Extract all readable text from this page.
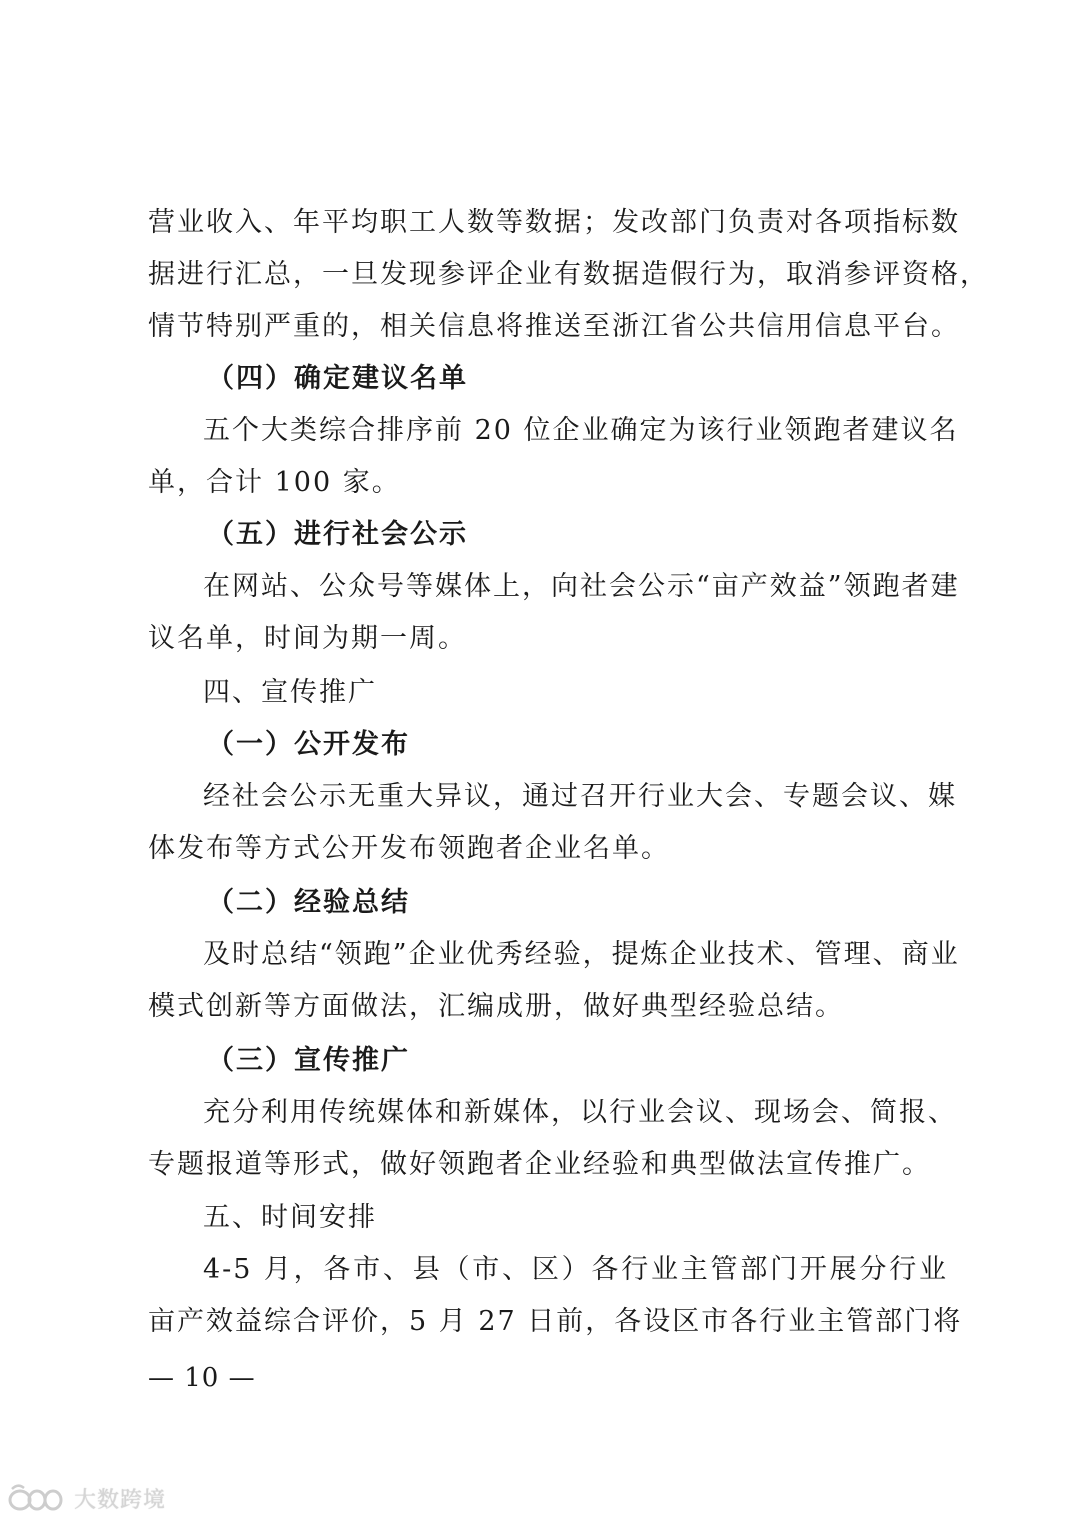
营业收入、年平均职工人数等数据；发改部门负责对各项指标数
据进行汇总，一旦发现参评企业有数据造假行为，取消参评资格，
情节特别严重的，相关信息将推送至浙江省公共信用信息平台。
（四）确定建议名单
五个大类综合排序前 20 位企业确定为该行业领跑者建议名
单，合计 100 家。
（五）进行社会公示
在网站、公众号等媒体上，向社会公示“亩产效益”领跑者建
议名单，时间为期一周。
四、宣传推广
（一）公开发布
经社会公示无重大异议，通过召开行业大会、专题会议、媒
体发布等方式公开发布领跑者企业名单。
（二）经验总结
及时总结“领跑”企业优秀经验，提炼企业技术、管理、商业
模式创新等方面做法，汇编成册，做好典型经验总结。
（三）宣传推广
充分利用传统媒体和新媒体，以行业会议、现场会、简报、
专题报道等形式，做好领跑者企业经验和典型做法宣传推广。
五、时间安排
4-5 月，各市、县（市、区）各行业主管部门开展分行业
亩产效益综合评价，5 月 27 日前，各设区市各行业主管部门将
— 10 —
大数跨境
